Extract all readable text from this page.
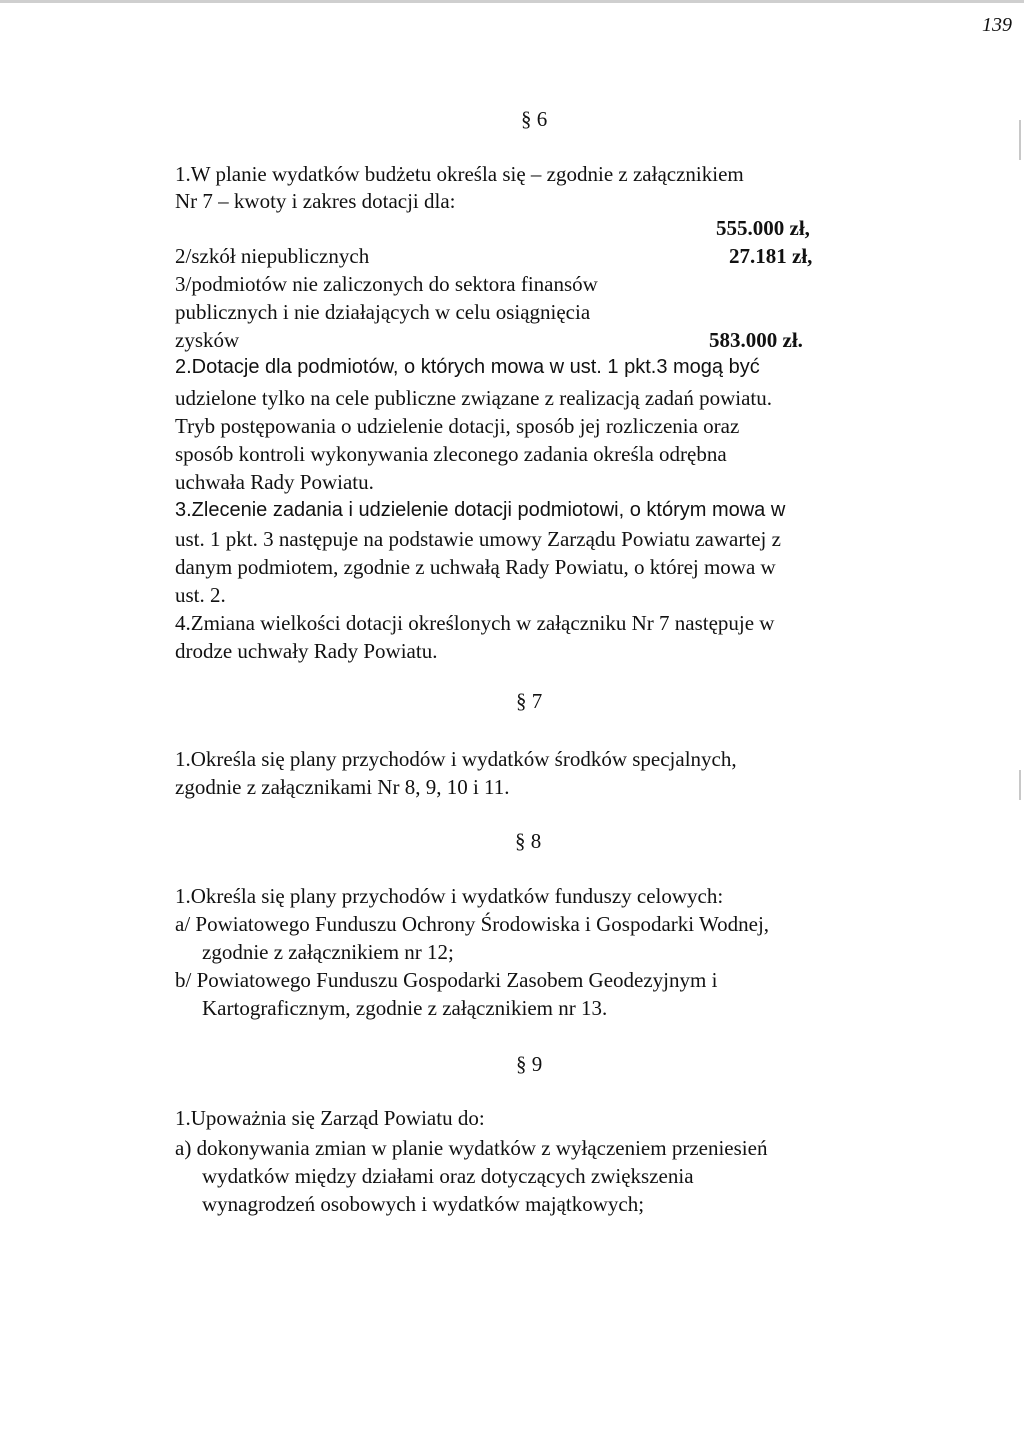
139
§ 6
1.W planie wydatków budżetu określa się – zgodnie z załącznikiem
Nr 7 – kwoty i zakres dotacji dla:
555.000 zł,
2/szkół niepublicznych	27.181 zł,
3/podmiotów nie zaliczonych do sektora finansów
publicznych i nie działających w celu osiągnięcia
zysków	583.000 zł.
2.Dotacje dla podmiotów, o których mowa w ust. 1 pkt.3 mogą być
udzielone tylko na cele publiczne związane z realizacją zadań powiatu.
Tryb postępowania o udzielenie dotacji, sposób jej rozliczenia oraz
sposób kontroli wykonywania zleconego zadania określa odrębna
uchwała Rady Powiatu.
3.Zlecenie zadania i udzielenie dotacji podmiotowi, o którym mowa w
ust. 1 pkt. 3 następuje na podstawie umowy Zarządu Powiatu zawartej z
danym podmiotem, zgodnie z uchwałą Rady Powiatu, o której mowa w
ust. 2.
4.Zmiana wielkości dotacji określonych w załączniku Nr 7 następuje w
drodze uchwały Rady Powiatu.
§ 7
1.Określa się plany przychodów i wydatków środków specjalnych,
zgodnie z załącznikami Nr 8, 9, 10 i 11.
§ 8
1.Określa się plany przychodów i wydatków funduszy celowych:
a/ Powiatowego Funduszu Ochrony Środowiska i Gospodarki Wodnej,
zgodnie z załącznikiem nr 12;
b/ Powiatowego Funduszu Gospodarki Zasobem Geodezyjnym i
Kartograficznym, zgodnie z załącznikiem nr 13.
§ 9
1.Upoważnia się Zarząd Powiatu do:
a) dokonywania zmian w planie wydatków z wyłączeniem przeniesień
wydatków między działami oraz dotyczących zwiększenia
wynagrodzeń osobowych i wydatków majątkowych;
